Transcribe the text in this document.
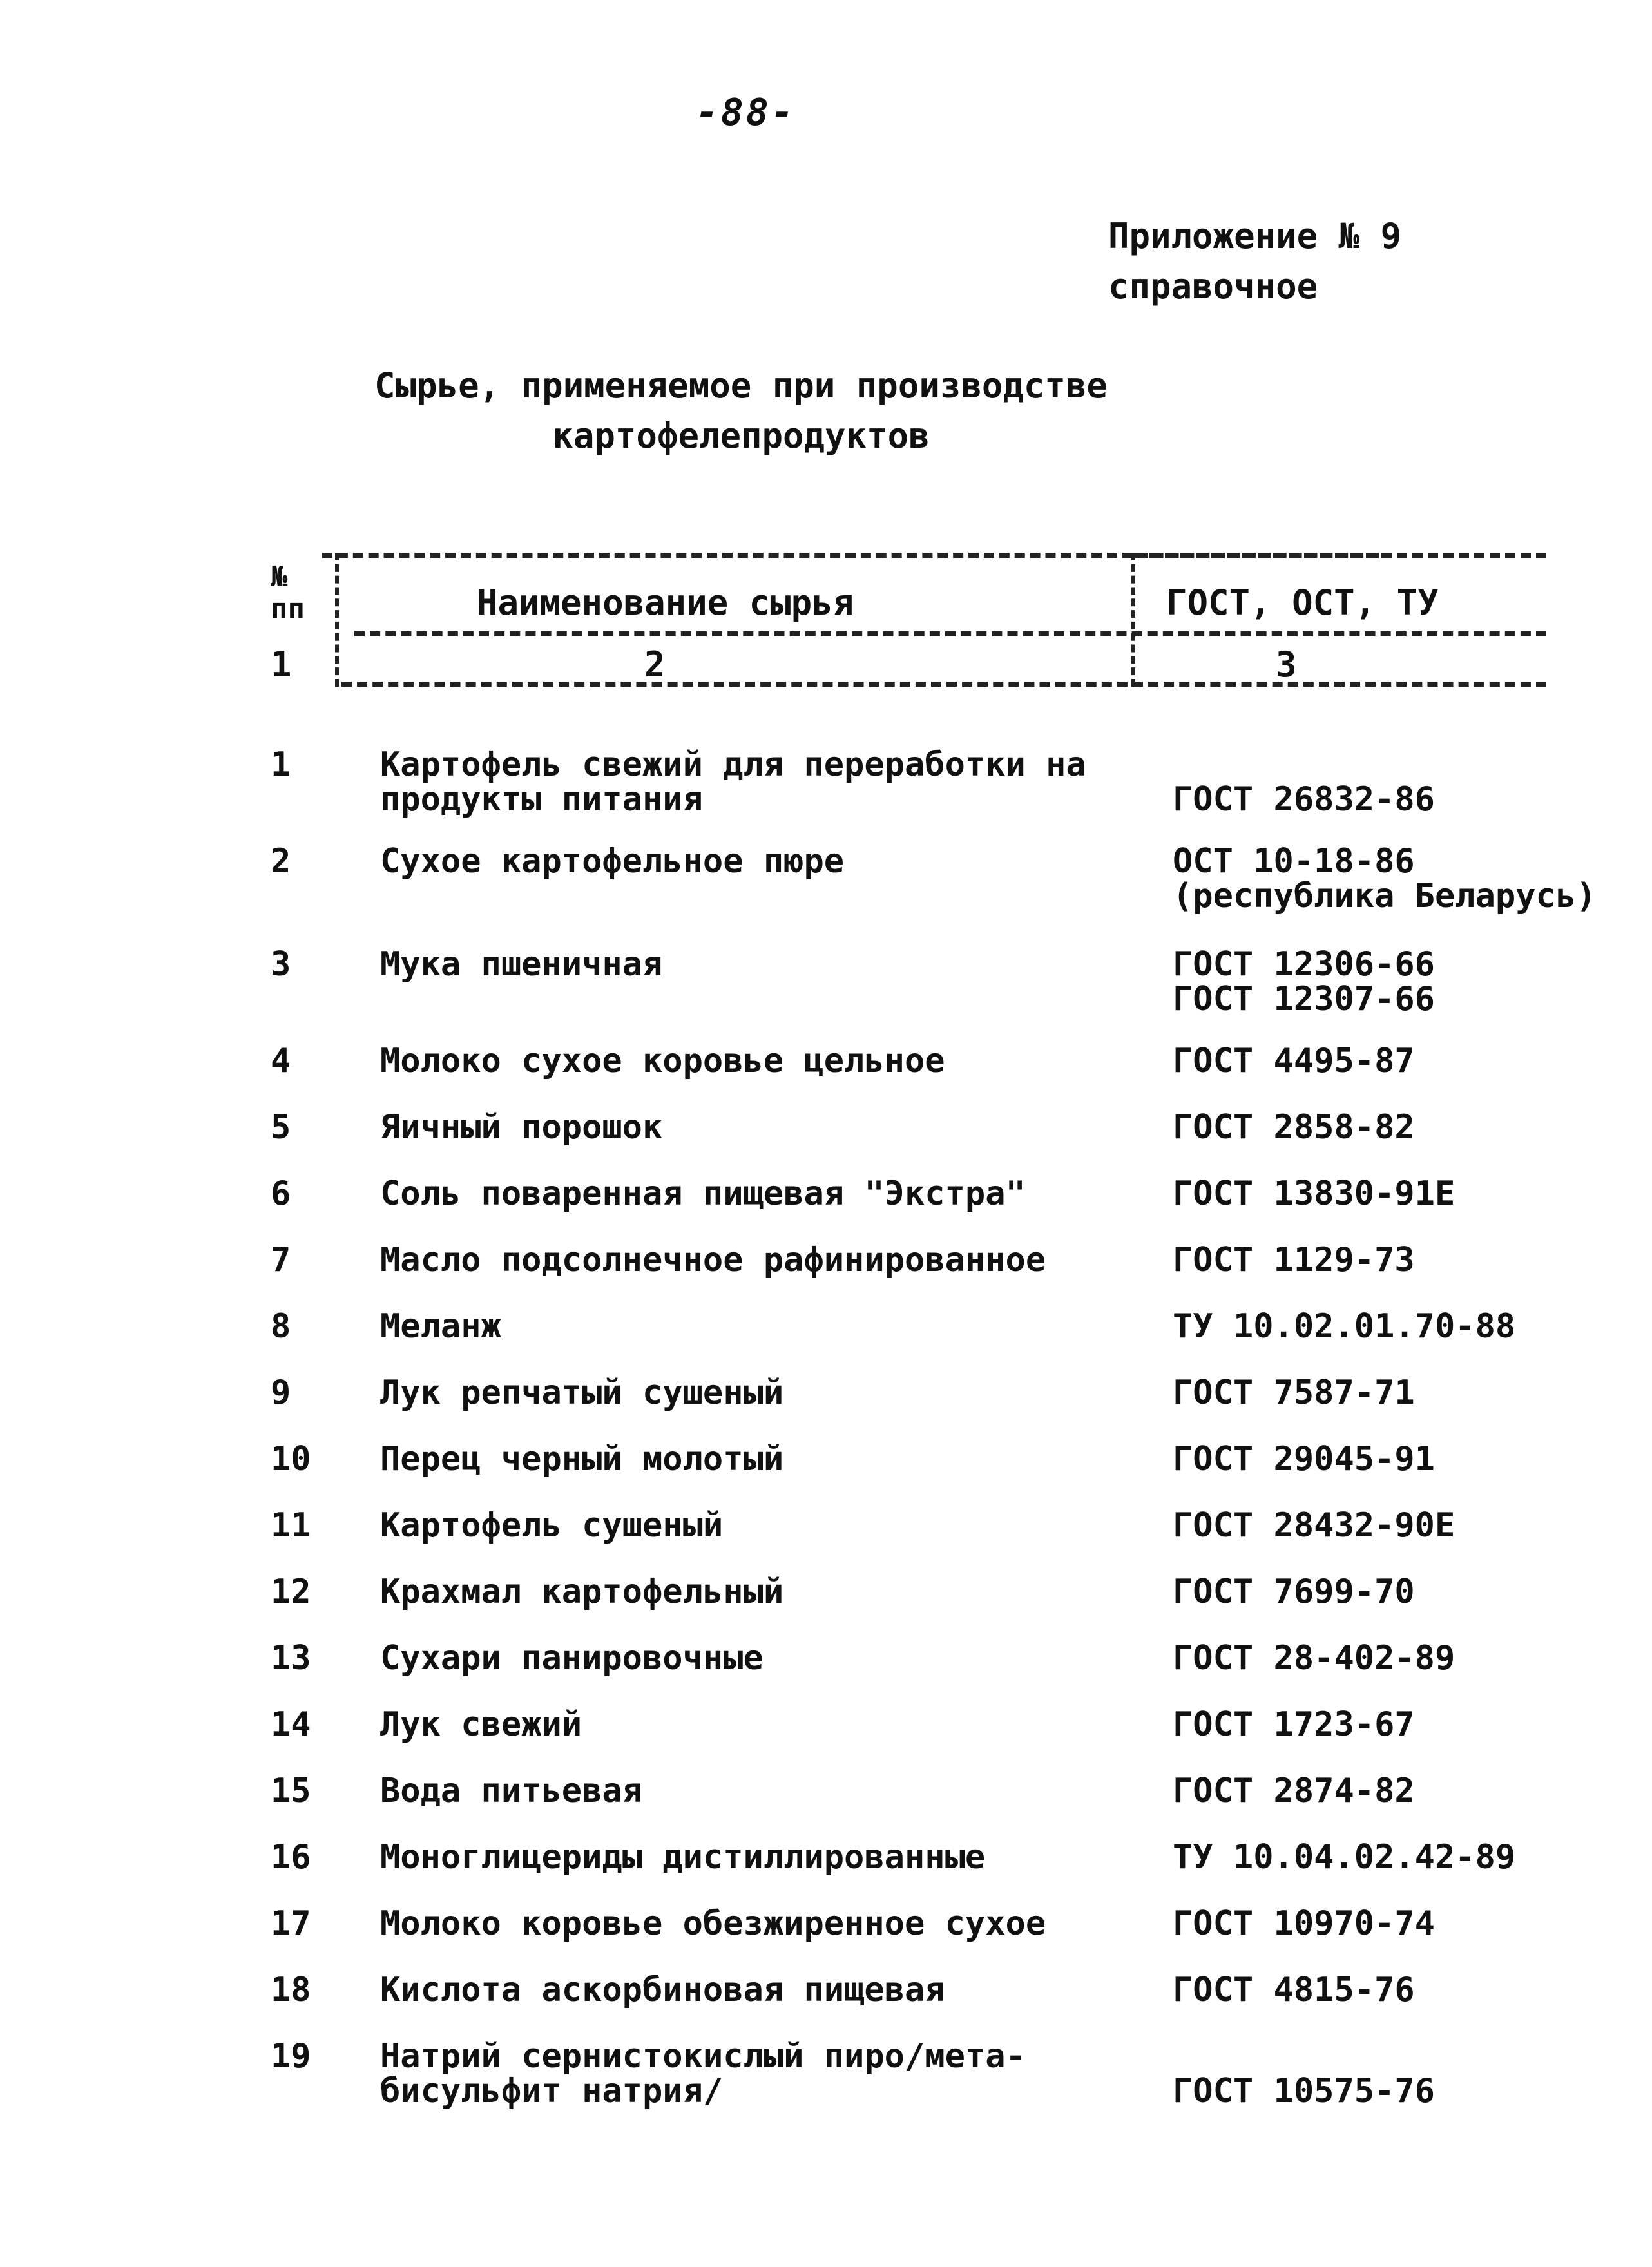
-88-
Приложение № 9
справочное
Сырье, применяемое при производстве
картофелепродуктов
№
пп	Наименование сырья	ГОСТ, ОСТ, ТУ
1	2	3
1	Картофель свежий для переработки на
продукты питания	ГОСТ 26832-86
2	Сухое картофельное пюре	ОСТ 10-18-86
(республика Беларусь)
3	Мука пшеничная	ГОСТ 12306-66
ГОСТ 12307-66
4	Молоко сухое коровье цельное	ГОСТ 4495-87
5	Яичный порошок	ГОСТ 2858-82
6	Соль поваренная пищевая "Экстра"	ГОСТ 13830-91Е
7	Масло подсолнечное рафинированное	ГОСТ 1129-73
8	Меланж	ТУ 10.02.01.70-88
9	Лук репчатый сушеный	ГОСТ 7587-71
10	Перец черный молотый	ГОСТ 29045-91
11	Картофель сушеный	ГОСТ 28432-90Е
12	Крахмал картофельный	ГОСТ 7699-70
13	Сухари панировочные	ГОСТ 28-402-89
14	Лук свежий	ГОСТ 1723-67
15	Вода питьевая	ГОСТ 2874-82
16	Моноглицериды дистиллированные	ТУ 10.04.02.42-89
17	Молоко коровье обезжиренное сухое	ГОСТ 10970-74
18	Кислота аскорбиновая пищевая	ГОСТ 4815-76
19	Натрий сернистокислый пиро/мета-
бисульфит натрия/	ГОСТ 10575-76
